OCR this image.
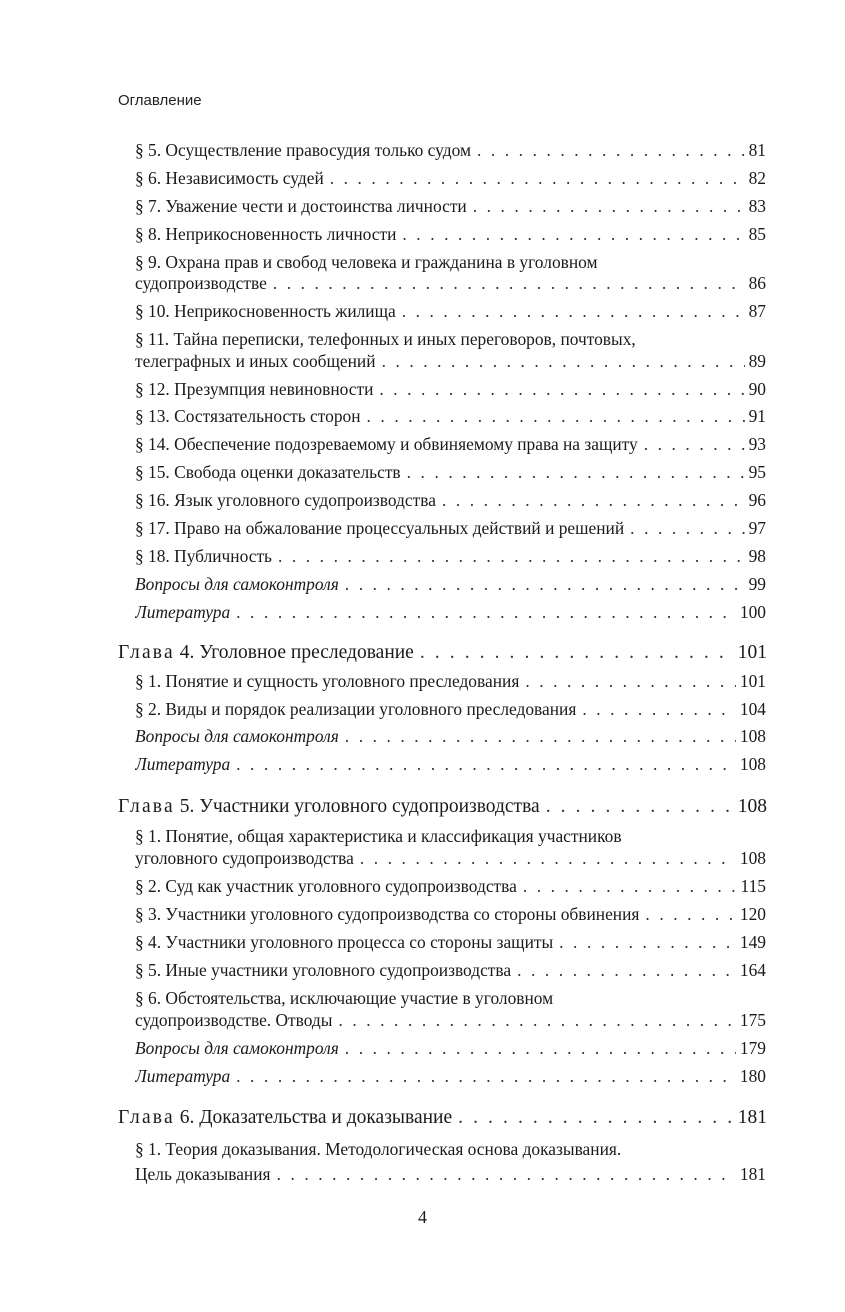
Оглавление
§ 5. Осуществление правосудия только судом . . .	81
§ 6. Независимость судей . . .	82
§ 7. Уважение чести и достоинства личности . . .	83
§ 8. Неприкосновенность личности . . .	85
§ 9. Охрана прав и свобод человека и гражданина в уголовном
судопроизводстве . . .	86
§ 10. Неприкосновенность жилища . . .	87
§ 11. Тайна переписки, телефонных и иных переговоров, почтовых,
телеграфных и иных сообщений . . .	89
§ 12. Презумпция невиновности . . .	90
§ 13. Состязательность сторон . . .	91
§ 14. Обеспечение подозреваемому и обвиняемому права на защиту . . .	93
§ 15. Свобода оценки доказательств . . .	95
§ 16. Язык уголовного судопроизводства . . .	96
§ 17. Право на обжалование процессуальных действий и решений . . .	97
§ 18. Публичность . . .	98
Вопросы для самоконтроля . . .	99
Литература . . .	100
Глава 4. Уголовное преследование . . .	101
§ 1. Понятие и сущность уголовного преследования . . .	101
§ 2. Виды и порядок реализации уголовного преследования . . .	104
Вопросы для самоконтроля . . .	108
Литература . . .	108
Глава 5. Участники уголовного судопроизводства . . .	108
§ 1. Понятие, общая характеристика и классификация участников
уголовного судопроизводства . . .	108
§ 2. Суд как участник уголовного судопроизводства . . .	115
§ 3. Участники уголовного судопроизводства со стороны обвинения . . .	120
§ 4. Участники уголовного процесса со стороны защиты . . .	149
§ 5. Иные участники уголовного судопроизводства . . .	164
§ 6. Обстоятельства, исключающие участие в уголовном
судопроизводстве. Отводы . . .	175
Вопросы для самоконтроля . . .	179
Литература . . .	180
Глава 6. Доказательства и доказывание . . .	181
§ 1. Теория доказывания. Методологическая основа доказывания.
Цель доказывания . . .	181
4
